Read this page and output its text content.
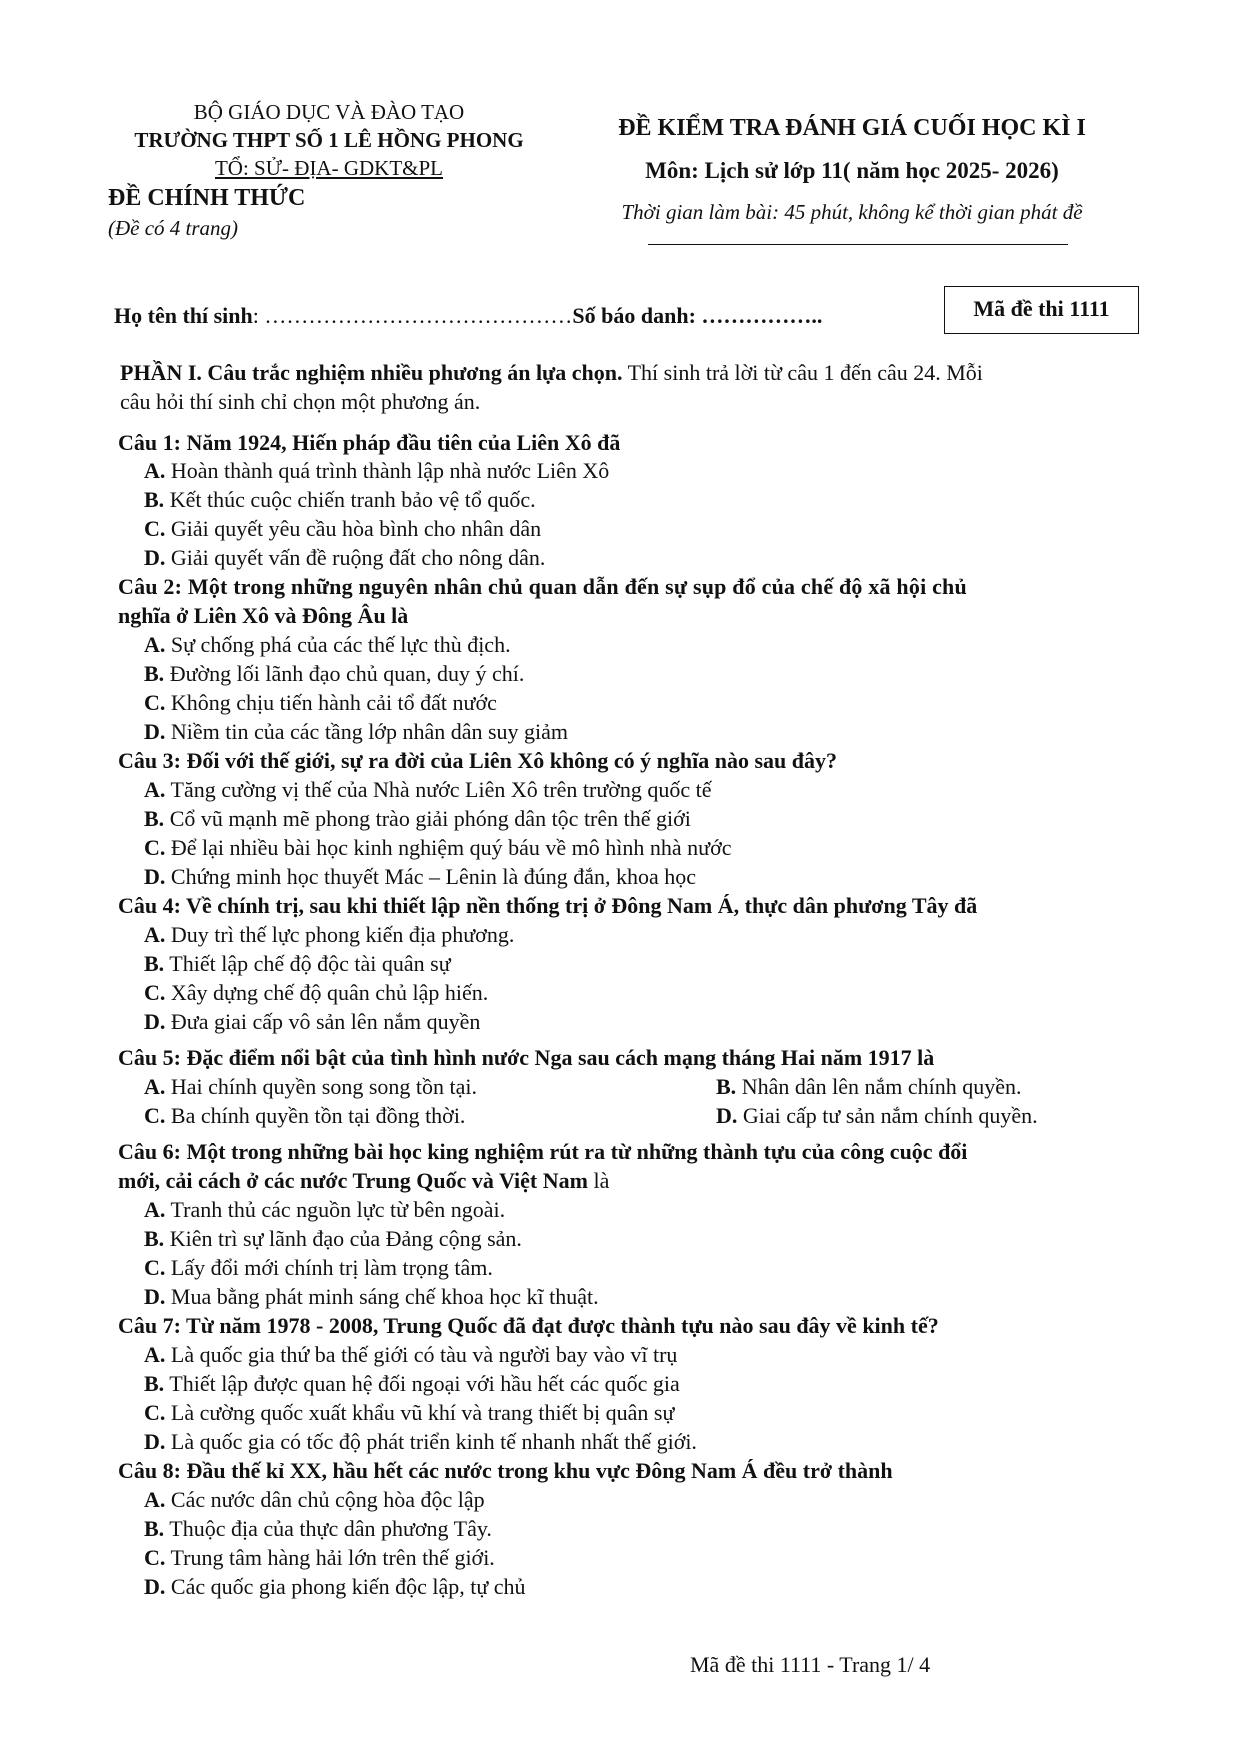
BỘ GIÁO DỤC VÀ ĐÀO TẠO
TRƯỜNG THPT SỐ 1 LÊ HỒNG PHONG
TỔ: SỬ- ĐỊA- GDKT&PL
ĐỀ CHÍNH THỨC
(Đề có 4 trang)
ĐỀ KIỂM TRA ĐÁNH GIÁ CUỐI HỌC KÌ I
Môn: Lịch sử lớp 11( năm học 2025- 2026)
Thời gian làm bài: 45 phút, không kể thời gian phát đề
Họ tên thí sinh: ……………………………………Số báo danh: ……………..	Mã đề thi 1111
PHẦN I. Câu trắc nghiệm nhiều phương án lựa chọn. Thí sinh trả lời từ câu 1 đến câu 24. Mỗi
câu hỏi thí sinh chỉ chọn một phương án.
Câu 1: Năm 1924, Hiến pháp đầu tiên của Liên Xô đã
A. Hoàn thành quá trình thành lập nhà nước Liên Xô
B. Kết thúc cuộc chiến tranh bảo vệ tổ quốc.
C. Giải quyết yêu cầu hòa bình cho nhân dân
D. Giải quyết vấn đề ruộng đất cho nông dân.
Câu 2: Một trong những nguyên nhân chủ quan dẫn đến sự sụp đổ của chế độ xã hội chủ
nghĩa ở Liên Xô và Đông Âu là
A. Sự chống phá của các thế lực thù địch.
B. Đường lối lãnh đạo chủ quan, duy ý chí.
C. Không chịu tiến hành cải tổ đất nước
D. Niềm tin của các tầng lớp nhân dân suy giảm
Câu 3: Đối với thế giới, sự ra đời của Liên Xô không có ý nghĩa nào sau đây?
A. Tăng cường vị thế của Nhà nước Liên Xô trên trường quốc tế
B. Cổ vũ mạnh mẽ phong trào giải phóng dân tộc trên thế giới
C. Để lại nhiều bài học kinh nghiệm quý báu về mô hình nhà nước
D. Chứng minh học thuyết Mác – Lênin là đúng đắn, khoa học
Câu 4: Về chính trị, sau khi thiết lập nền thống trị ở Đông Nam Á, thực dân phương Tây đã
A. Duy trì thế lực phong kiến địa phương.
B. Thiết lập chế độ độc tài quân sự
C. Xây dựng chế độ quân chủ lập hiến.
D. Đưa giai cấp vô sản lên nắm quyền
Câu 5: Đặc điểm nổi bật của tình hình nước Nga sau cách mạng tháng Hai năm 1917 là
A. Hai chính quyền song song tồn tại.	B. Nhân dân lên nắm chính quyền.
C. Ba chính quyền tồn tại đồng thời.	D. Giai cấp tư sản nắm chính quyền.
Câu 6: Một trong những bài học king nghiệm rút ra từ những thành tựu của công cuộc đổi
mới, cải cách ở các nước Trung Quốc và Việt Nam là
A. Tranh thủ các nguồn lực từ bên ngoài.
B. Kiên trì sự lãnh đạo của Đảng cộng sản.
C. Lấy đổi mới chính trị làm trọng tâm.
D. Mua bằng phát minh sáng chế khoa học kĩ thuật.
Câu 7: Từ năm 1978 - 2008, Trung Quốc đã đạt được thành tựu nào sau đây về kinh tế?
A. Là quốc gia thứ ba thế giới có tàu và người bay vào vĩ trụ
B. Thiết lập được quan hệ đối ngoại với hầu hết các quốc gia
C. Là cường quốc xuất khẩu vũ khí và trang thiết bị quân sự
D. Là quốc gia có tốc độ phát triển kinh tế nhanh nhất thế giới.
Câu 8: Đầu thế kỉ XX, hầu hết các nước trong khu vực Đông Nam Á đều trở thành
A. Các nước dân chủ cộng hòa độc lập
B. Thuộc địa của thực dân phương Tây.
C. Trung tâm hàng hải lớn trên thế giới.
D. Các quốc gia phong kiến độc lập, tự chủ
Mã đề thi 1111 - Trang 1/ 4
